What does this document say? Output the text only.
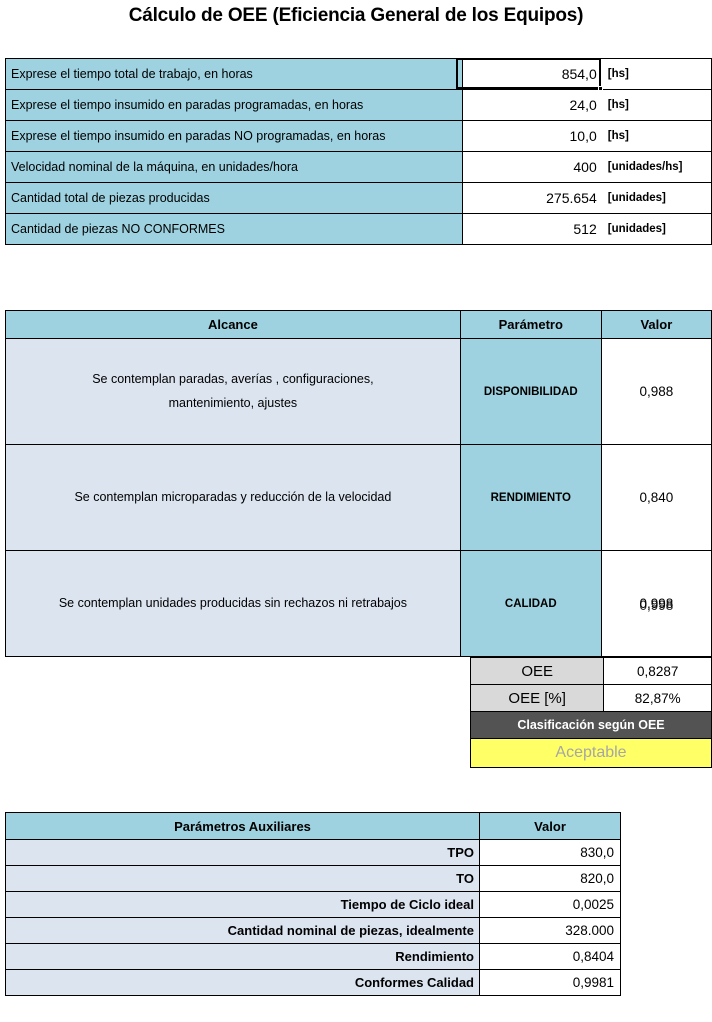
Cálculo de OEE (Eficiencia General de los Equipos)
Exprese el tiempo total de trabajo, en horas	854,0	[hs]
Exprese el tiempo insumido en paradas programadas, en horas	24,0	[hs]
Exprese el tiempo insumido en paradas NO programadas, en horas	10,0	[hs]
Velocidad nominal de la máquina, en unidades/hora	400	[unidades/hs]
Cantidad total de piezas producidas	275.654	[unidades]
Cantidad de piezas NO CONFORMES	512	[unidades]
Alcance	Parámetro	Valor
Se contemplan paradas, averías , configuraciones,
mantenimiento, ajustes	DISPONIBILIDAD	0,988
Se contemplan microparadas y reducción de la velocidad	RENDIMIENTO	0,840
Se contemplan unidades producidas sin rechazos ni retrabajos	CALIDAD	0,998 0,998
OEE	0,8287
OEE [%]	82,87%
Clasificación según OEE	
Aceptable	
Parámetros Auxiliares	Valor
TPO	830,0
TO	820,0
Tiempo de Ciclo ideal	0,0025
Cantidad nominal de piezas, idealmente	328.000
Rendimiento	0,8404
Conformes Calidad	0,9981
